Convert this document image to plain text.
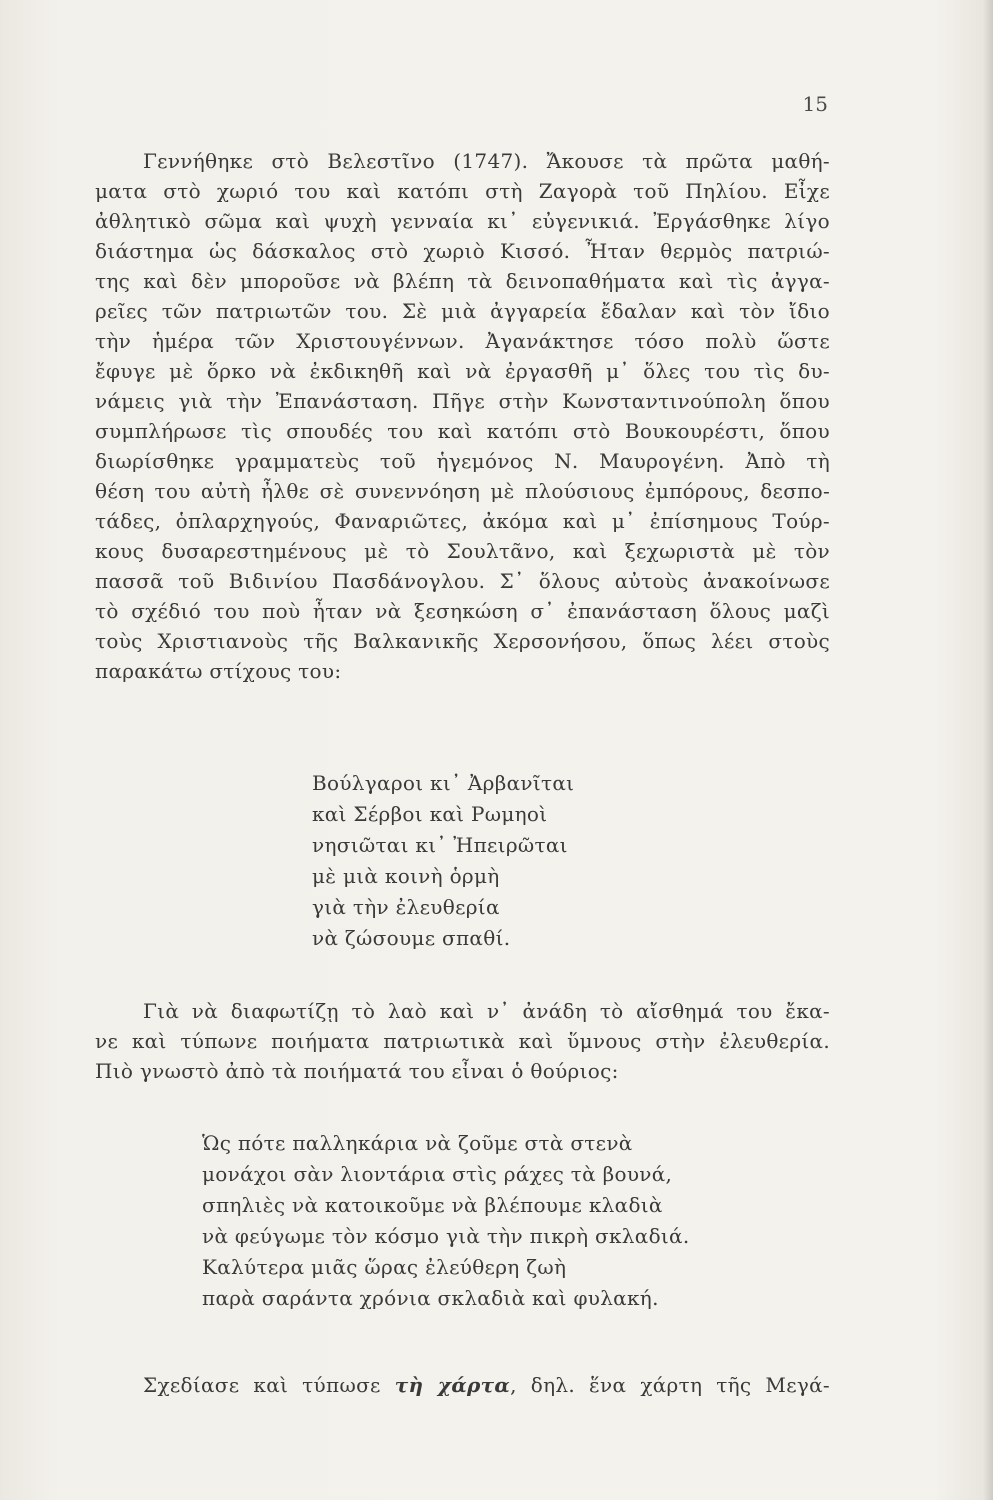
15
Γεννήθηκε στὸ Βελεστῖνο (1747). Ἄκουσε τὰ πρῶτα μαθή-
ματα στὸ χωριό του καὶ κατόπι στὴ Ζαγορὰ τοῦ Πηλίου. Εἶχε
ἀθλητικὸ σῶμα καὶ ψυχὴ γενναία κι᾽ εὐγενικιά. Ἐργάσθηκε λίγο
διάστημα ὡς δάσκαλος στὸ χωριὸ Κισσό. Ἦταν θερμὸς πατριώ-
της καὶ δὲν μποροῦσε νὰ βλέπη τὰ δεινοπαθήματα καὶ τὶς ἀγγα-
ρεῖες τῶν πατριωτῶν του. Σὲ μιὰ ἀγγαρεία ἔδαλαν καὶ τὸν ἴδιο
τὴν ἡμέρα τῶν Χριστουγέννων. Ἀγανάκτησε τόσο πολὺ ὥστε
ἔφυγε μὲ ὅρκο νὰ ἐκδικηθῆ καὶ νὰ ἐργασθῆ μ᾽ ὅλες του τὶς δυ-
νάμεις γιὰ τὴν Ἐπανάσταση. Πῆγε στὴν Κωνσταντινούπολη ὅπου
συμπλήρωσε τὶς σπουδές του καὶ κατόπι στὸ Βουκουρέστι, ὅπου
διωρίσθηκε γραμματεὺς τοῦ ἡγεμόνος Ν. Μαυρογένη. Ἀπὸ τὴ
θέση του αὐτὴ ἦλθε σὲ συνεννόηση μὲ πλούσιους ἐμπόρους, δεσπο-
τάδες, ὁπλαρχηγούς, Φαναριῶτες, ἀκόμα καὶ μ᾽ ἐπίσημους Τούρ-
κους δυσαρεστημένους μὲ τὸ Σουλτᾶνο, καὶ ξεχωριστὰ μὲ τὸν
πασσᾶ τοῦ Βιδινίου Πασδάνογλου. Σ᾽ ὅλους αὐτοὺς ἀνακοίνωσε
τὸ σχέδιό του ποὺ ἦταν νὰ ξεσηκώση σ᾽ ἐπανάσταση ὅλους μαζὶ
τοὺς Χριστιανοὺς τῆς Βαλκανικῆς Χερσονήσου, ὅπως λέει στοὺς
παρακάτω στίχους του:
Βούλγαροι κι᾽ Ἀρβανῖται
καὶ Σέρβοι καὶ Ρωμηοὶ
νησιῶται κι᾽ Ἠπειρῶται
μὲ μιὰ κοινὴ ὁρμὴ
γιὰ τὴν ἐλευθερία
νὰ ζώσουμε σπαθί.
Γιὰ νὰ διαφωτίζῃ τὸ λαὸ καὶ ν᾽ ἀνάδη τὸ αἴσθημά του ἔκα-
νε καὶ τύπωνε ποιήματα πατριωτικὰ καὶ ὕμνους στὴν ἐλευθερία.
Πιὸ γνωστὸ ἀπὸ τὰ ποιήματά του εἶναι ὁ θούριος:
Ὡς πότε παλληκάρια νὰ ζοῦμε στὰ στενὰ
μονάχοι σὰν λιοντάρια στὶς ράχες τὰ βουνά,
σπηλιὲς νὰ κατοικοῦμε νὰ βλέπουμε κλαδιὰ
νὰ φεύγωμε τὸν κόσμο γιὰ τὴν πικρὴ σκλαδιά.
Καλύτερα μιᾶς ὥρας ἐλεύθερη ζωὴ
παρὰ σαράντα χρόνια σκλαδιὰ καὶ φυλακή.
Σχεδίασε καὶ τύπωσε τὴ χάρτα, δηλ. ἕνα χάρτη τῆς Μεγά-
